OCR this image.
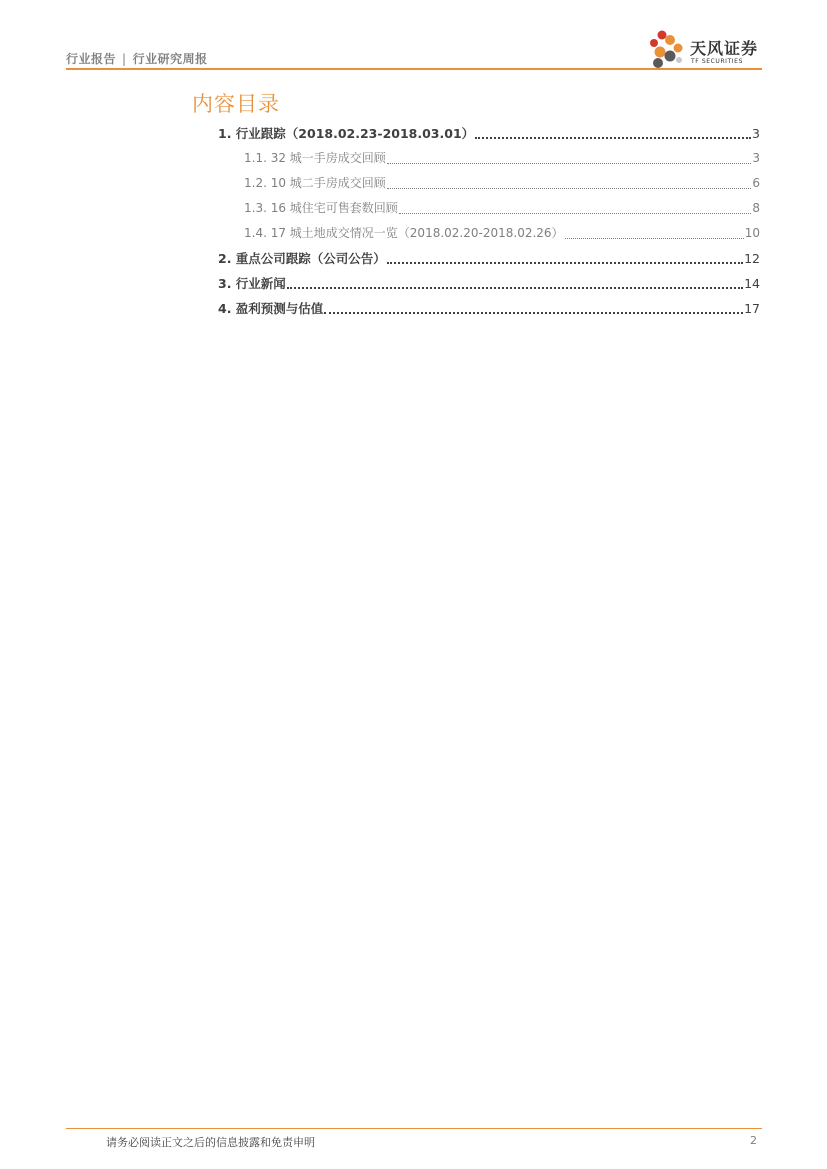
行业报告 | 行业研究周报
天风证券
TF SECURITIES
内容目录
1. 行业跟踪（2018.02.23-2018.03.01）	3
1.1. 32 城一手房成交回顾	3
1.2. 10 城二手房成交回顾	6
1.3. 16 城住宅可售套数回顾	8
1.4. 17 城土地成交情况一览（2018.02.20-2018.02.26）	10
2. 重点公司跟踪（公司公告）	12
3. 行业新闻	14
4. 盈利预测与估值	17
请务必阅读正文之后的信息披露和免责申明	2
